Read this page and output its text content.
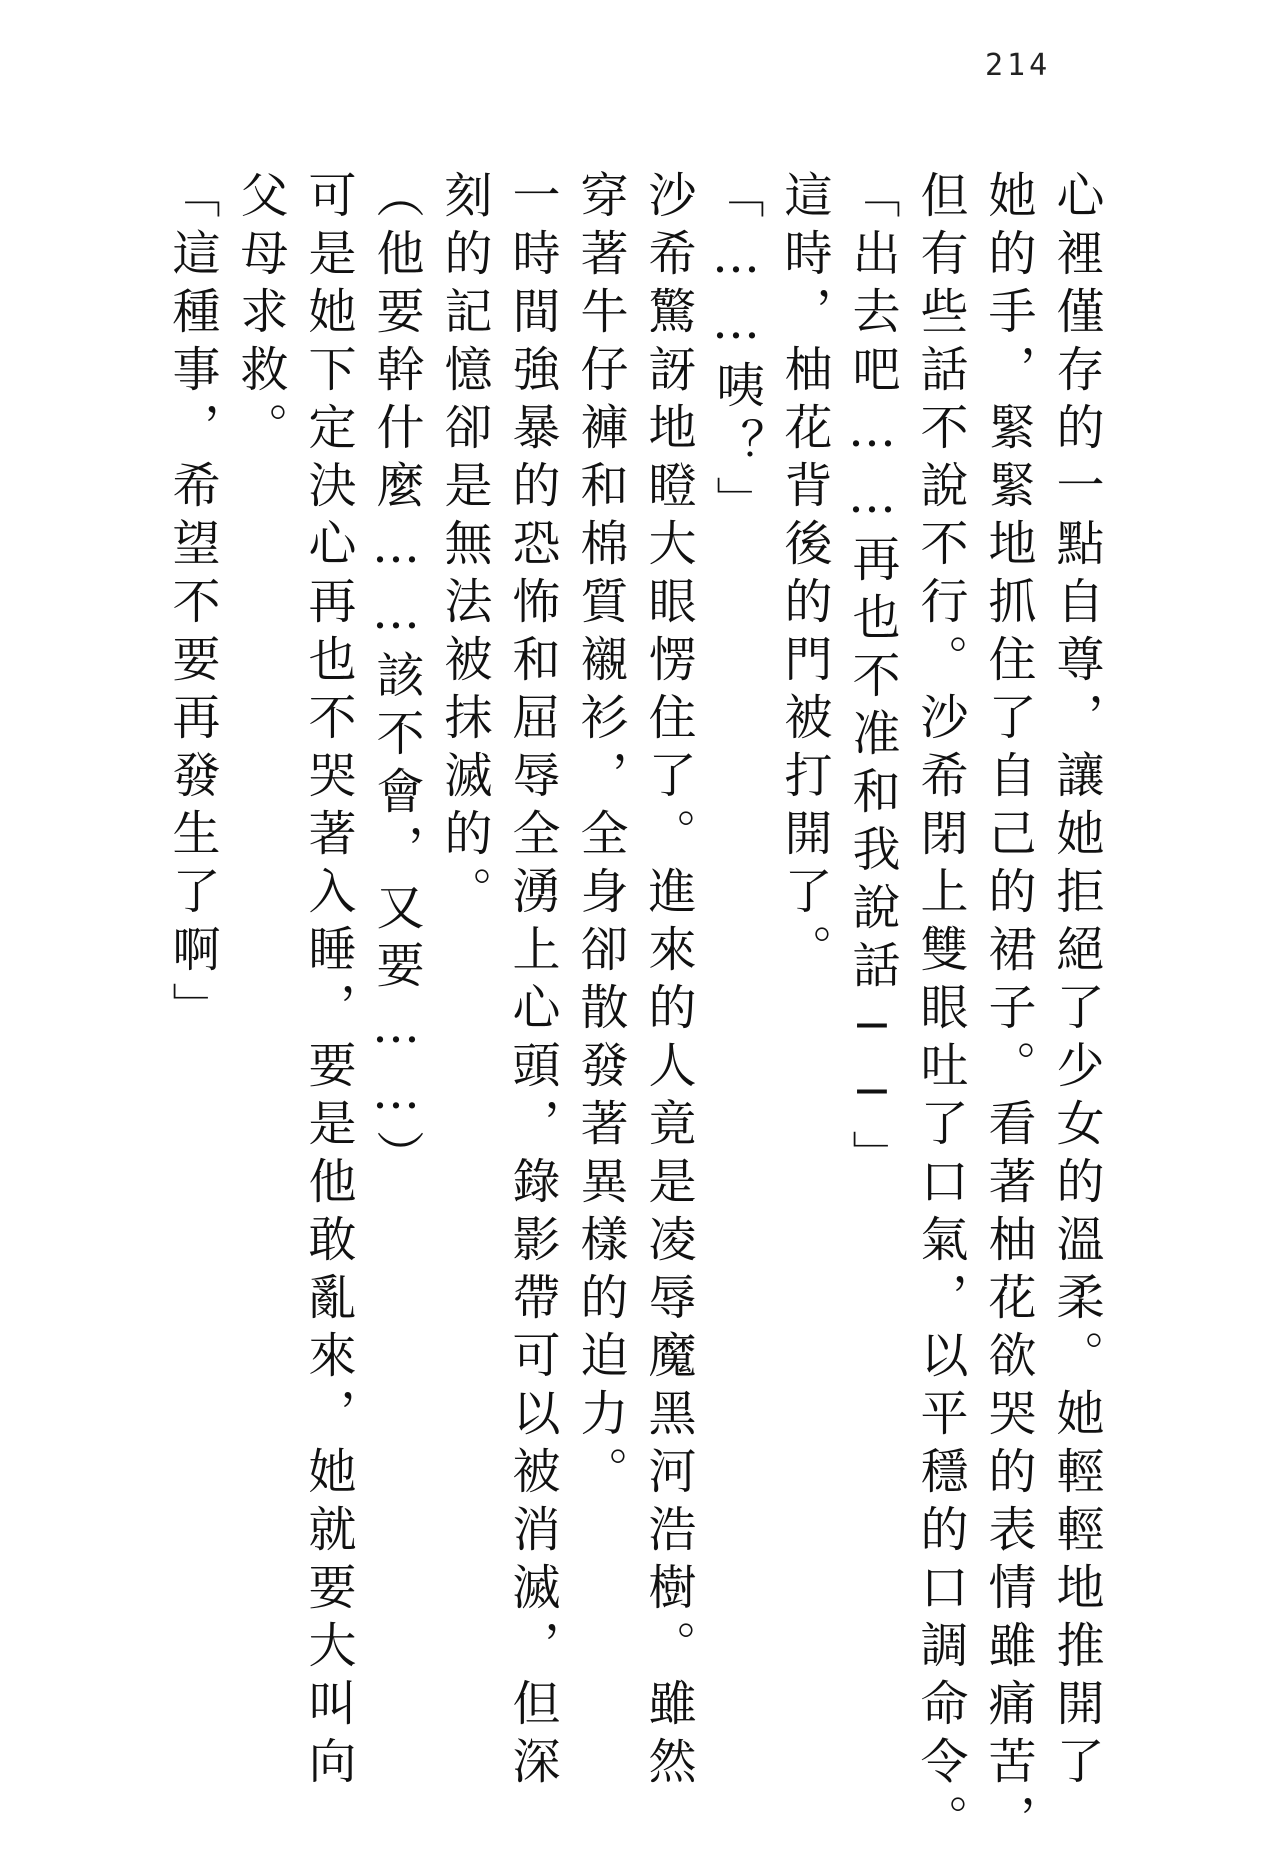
214

心裡僅存的一點自尊，讓她拒絕了少女的溫柔。她輕輕地推開了

她的手，緊緊地抓住了自己的裙子。看著柚花欲哭的表情雖痛苦，

但有些話不說不行。沙希閉上雙眼吐了口氣，以平穩的口調命令。

「出去吧……再也不准和我說話──」

這時，柚花背後的門被打開了。

「……咦？」

沙希驚訝地瞪大眼愣住了。進來的人竟是凌辱魔黑河浩樹。雖然

穿著牛仔褲和棉質襯衫，全身卻散發著異樣的迫力。

一時間強暴的恐怖和屈辱全湧上心頭，錄影帶可以被消滅，但深

刻的記憶卻是無法被抹滅的。

（他要幹什麼……該不會，又要……）

可是她下定決心再也不哭著入睡，要是他敢亂來，她就要大叫向

父母求救。

「這種事，希望不要再發生了啊」
